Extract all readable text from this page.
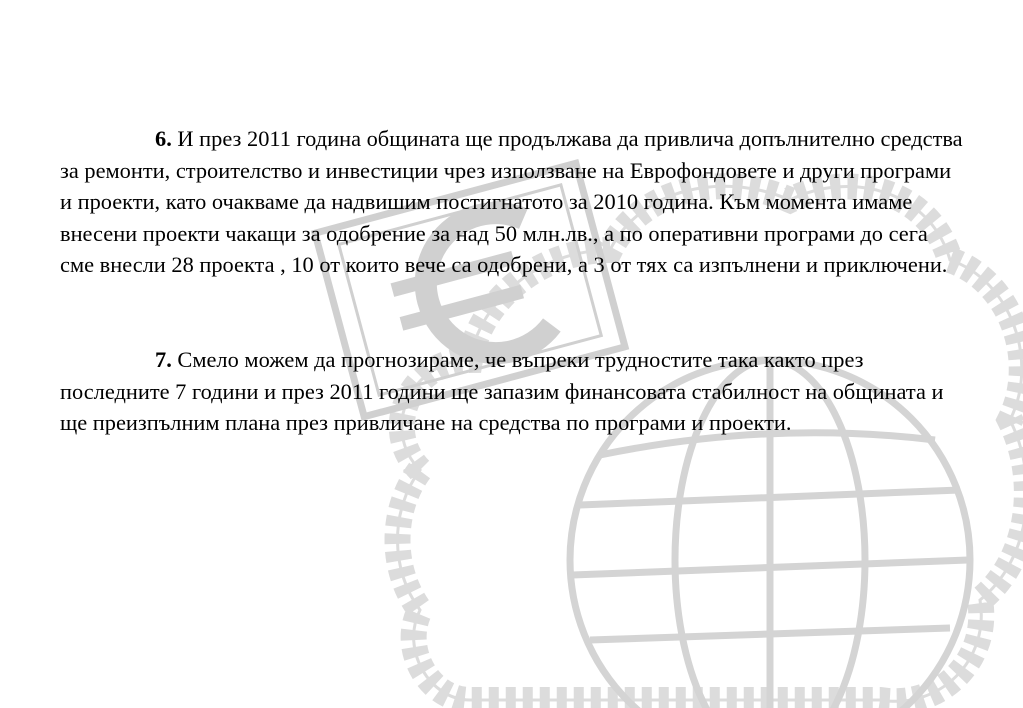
6. И през 2011 година общината ще продължава да привлича допълнително средства за ремонти, строителство и инвестиции чрез използване на Еврофондовете и други програми и проекти, като очакваме да надвишим постигнатото за 2010 година. Към момента имаме внесени проекти чакащи за одобрение за над 50 млн.лв., а по оперативни програми до сега сме внесли 28 проекта , 10 от които вече са одобрени, а 3 от тях са изпълнени и приключени.

7. Смело можем да прогнозираме, че въпреки трудностите така както през последните 7 години и през 2011 години ще запазим финансовата стабилност на общината и ще преизпълним плана през привличане на средства по програми и проекти.
